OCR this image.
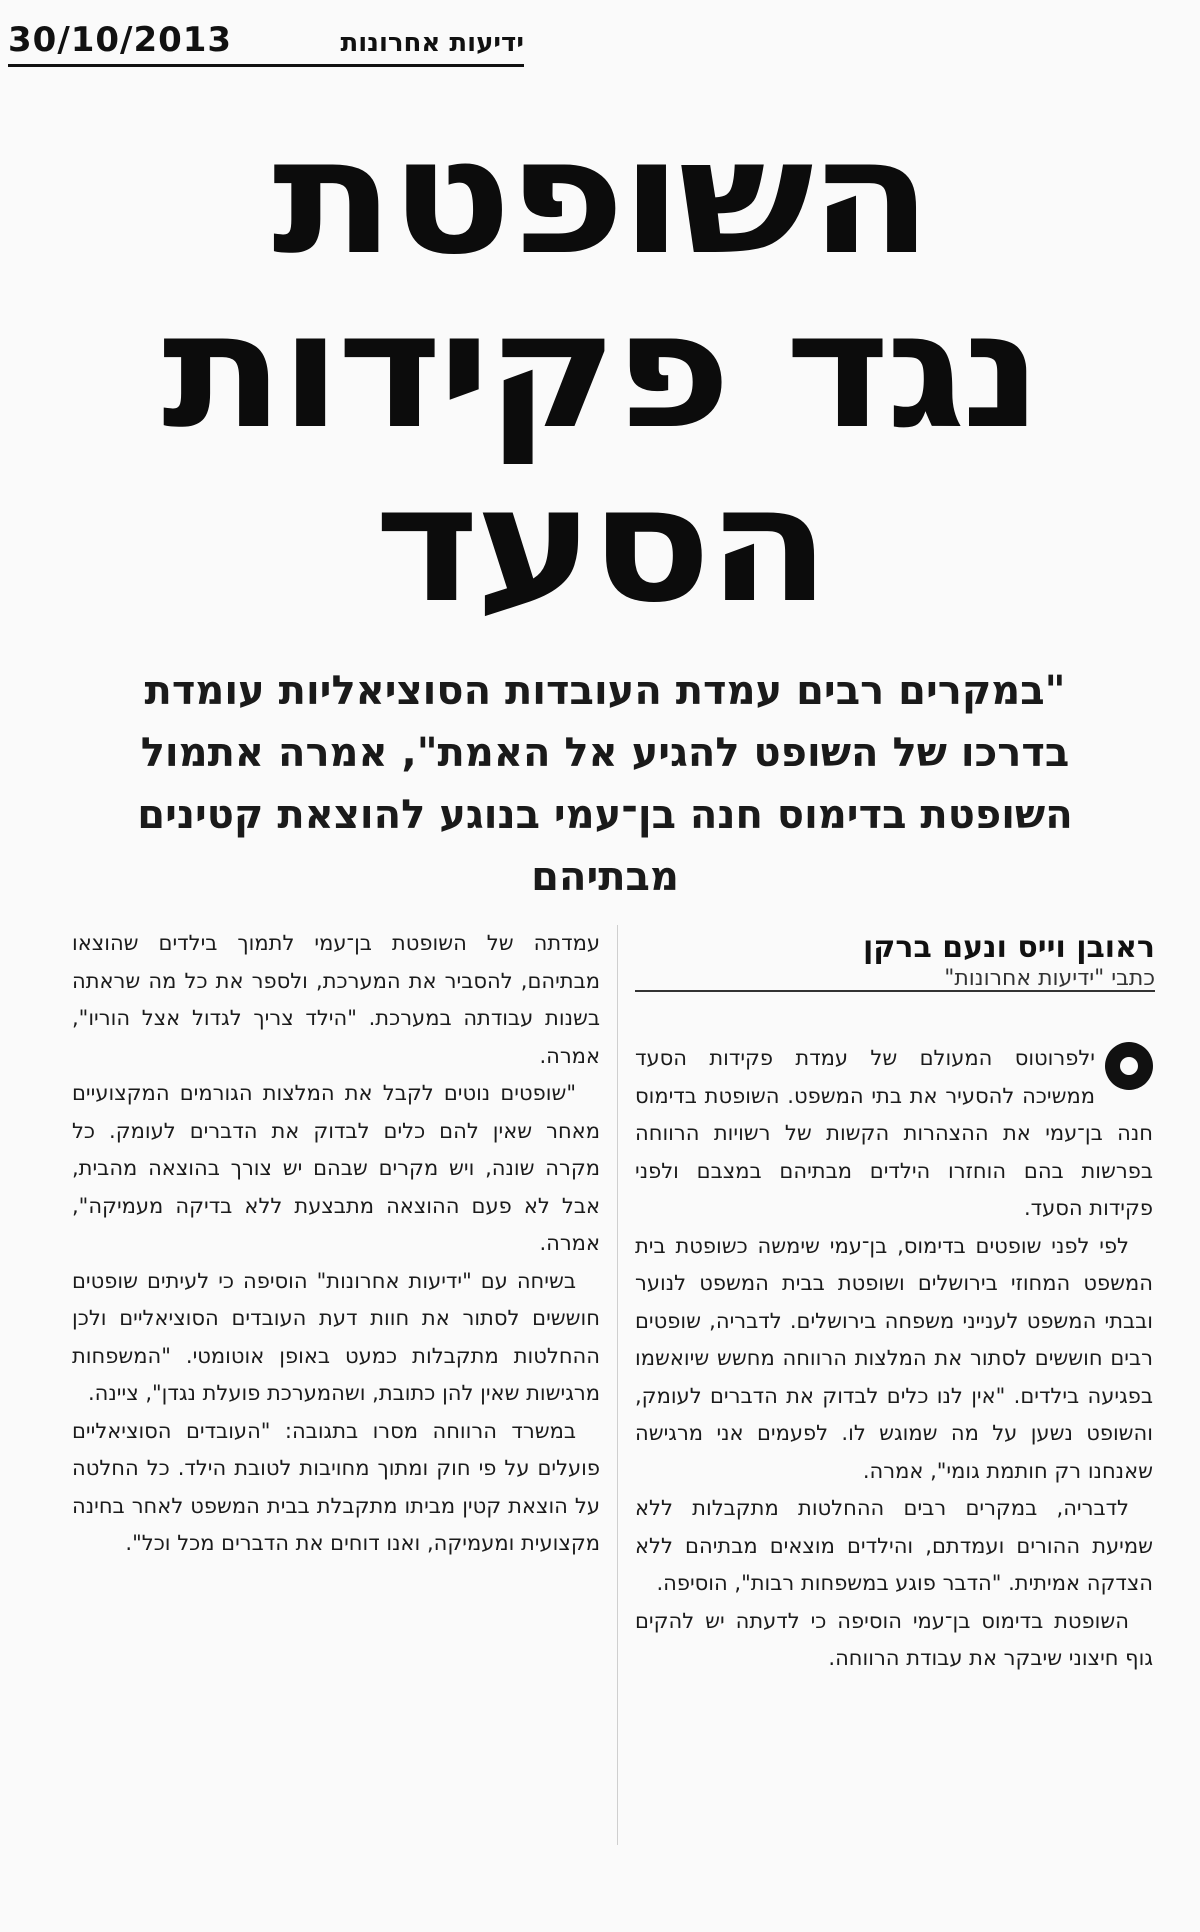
30/10/2013	ידיעות אחרונות
השופטת
נגד פקידות
הסעד
"במקרים רבים עמדת העובדות הסוציאליות עומדת בדרכו של השופט להגיע אל האמת", אמרה אתמול השופטת בדימוס חנה בן־עמי בנוגע להוצאת קטינים מבתיהם
ראובן וייס ונעם ברקן
כתבי "ידיעות אחרונות"

ילפרוטוס המעולם של עמדת פקידות הסעד ממשיכה להסעיר את בתי המשפט. השופטת בדימוס חנה בן־עמי את ההצהרות הקשות של רשויות הרווחה בפרשות בהם הוחזרו הילדים מבתיהם במצבם ולפני פקידות הסעד.

לפי לפני שופטים בדימוס, בן־עמי שימשה כשופטת בית המשפט המחוזי בירושלים ושופטת בבית המשפט לנוער ובבתי המשפט לענייני משפחה בירושלים. לדבריה, שופטים רבים חוששים לסתור את המלצות הרווחה מחשש שיואשמו בפגיעה בילדים. "אין לנו כלים לבדוק את הדברים לעומק, והשופט נשען על מה שמוגש לו. לפעמים אני מרגישה שאנחנו רק חותמת גומי", אמרה.

לדבריה, במקרים רבים ההחלטות מתקבלות ללא שמיעת ההורים ועמדתם, והילדים מוצאים מבתיהם ללא הצדקה אמיתית. "הדבר פוגע במשפחות רבות", הוסיפה.

השופטת בדימוס בן־עמי הוסיפה כי לדעתה יש להקים גוף חיצוני שיבקר את עבודת הרווחה.

עמדתה של השופטת בן־עמי לתמוך בילדים שהוצאו מבתיהם, להסביר את המערכת, ולספר את כל מה שראתה בשנות עבודתה במערכת. "הילד צריך לגדול אצל הוריו", אמרה.

"שופטים נוטים לקבל את המלצות הגורמים המקצועיים מאחר שאין להם כלים לבדוק את הדברים לעומק. כל מקרה שונה, ויש מקרים שבהם יש צורך בהוצאה מהבית, אבל לא פעם ההוצאה מתבצעת ללא בדיקה מעמיקה", אמרה.

בשיחה עם "ידיעות אחרונות" הוסיפה כי לעיתים שופטים חוששים לסתור את חוות דעת העובדים הסוציאליים ולכן ההחלטות מתקבלות כמעט באופן אוטומטי. "המשפחות מרגישות שאין להן כתובת, ושהמערכת פועלת נגדן", ציינה.

במשרד הרווחה מסרו בתגובה: "העובדים הסוציאליים פועלים על פי חוק ומתוך מחויבות לטובת הילד. כל החלטה על הוצאת קטין מביתו מתקבלת בבית המשפט לאחר בחינה מקצועית ומעמיקה, ואנו דוחים את הדברים מכל וכל".
